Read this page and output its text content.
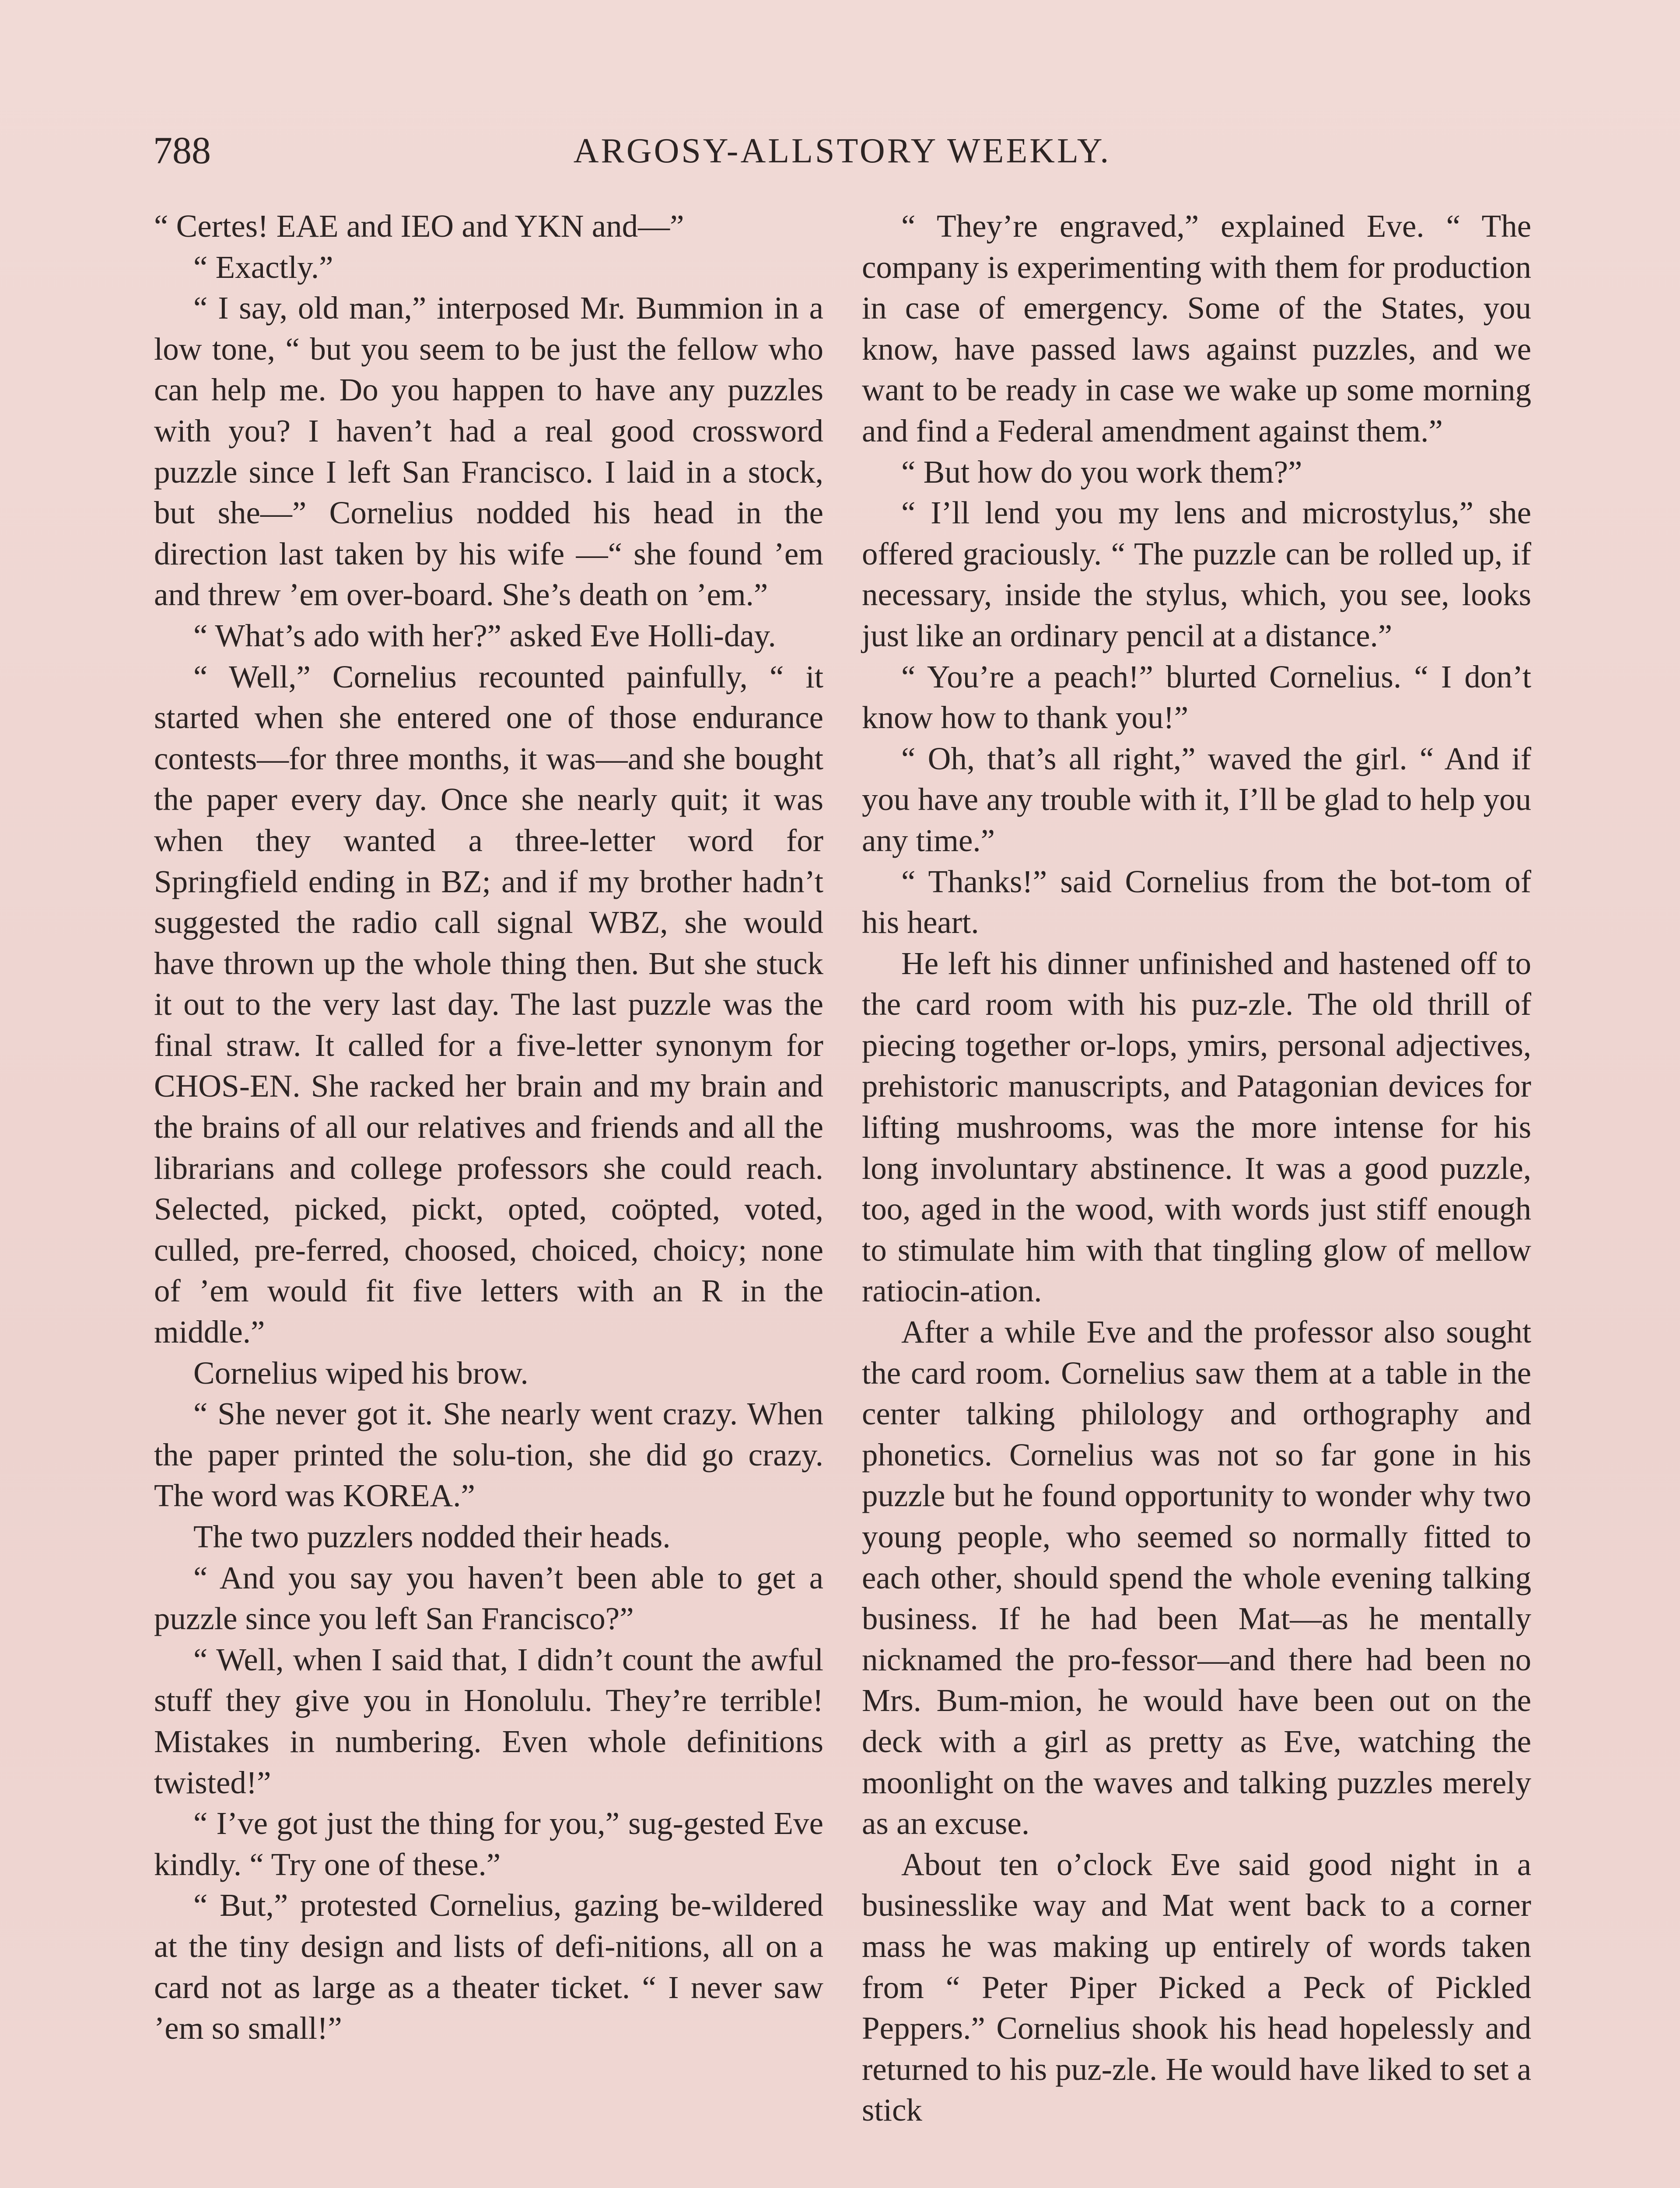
788	ARGOSY-ALLSTORY WEEKLY.

“ Certes! EAE and IEO and YKN and—”

“ Exactly.”

“ I say, old man,” interposed Mr. Bummion in a low tone, “ but you seem to be just the fellow who can help me. Do you happen to have any puzzles with you? I haven’t had a real good crossword puzzle since I left San Francisco. I laid in a stock, but she—” Cornelius nodded his head in the direction last taken by his wife —“ she found ’em and threw ’em over-board. She’s death on ’em.”

“ What’s ado with her?” asked Eve Holli-day.

“ Well,” Cornelius recounted painfully, “ it started when she entered one of those endurance contests—for three months, it was—and she bought the paper every day. Once she nearly quit; it was when they wanted a three-letter word for Springfield ending in BZ; and if my brother hadn’t suggested the radio call signal WBZ, she would have thrown up the whole thing then. But she stuck it out to the very last day. The last puzzle was the final straw. It called for a five-letter synonym for CHOS-EN. She racked her brain and my brain and the brains of all our relatives and friends and all the librarians and college professors she could reach. Selected, picked, pickt, opted, coöpted, voted, culled, pre-ferred, choosed, choiced, choicy; none of ’em would fit five letters with an R in the middle.”

Cornelius wiped his brow.

“ She never got it. She nearly went crazy. When the paper printed the solu-tion, she did go crazy. The word was KOREA.”

The two puzzlers nodded their heads.

“ And you say you haven’t been able to get a puzzle since you left San Francisco?”

“ Well, when I said that, I didn’t count the awful stuff they give you in Honolulu. They’re terrible! Mistakes in numbering. Even whole definitions twisted!”

“ I’ve got just the thing for you,” sug-gested Eve kindly. “ Try one of these.”

“ But,” protested Cornelius, gazing be-wildered at the tiny design and lists of defi-nitions, all on a card not as large as a theater ticket. “ I never saw ’em so small!”

“ They’re engraved,” explained Eve. “ The company is experimenting with them for production in case of emergency. Some of the States, you know, have passed laws against puzzles, and we want to be ready in case we wake up some morning and find a Federal amendment against them.”

“ But how do you work them?”

“ I’ll lend you my lens and microstylus,” she offered graciously. “ The puzzle can be rolled up, if necessary, inside the stylus, which, you see, looks just like an ordinary pencil at a distance.”

“ You’re a peach!” blurted Cornelius. “ I don’t know how to thank you!”

“ Oh, that’s all right,” waved the girl. “ And if you have any trouble with it, I’ll be glad to help you any time.”

“ Thanks!” said Cornelius from the bot-tom of his heart.

He left his dinner unfinished and hastened off to the card room with his puz-zle. The old thrill of piecing together or-lops, ymirs, personal adjectives, prehistoric manuscripts, and Patagonian devices for lifting mushrooms, was the more intense for his long involuntary abstinence. It was a good puzzle, too, aged in the wood, with words just stiff enough to stimulate him with that tingling glow of mellow ratiocin-ation.

After a while Eve and the professor also sought the card room. Cornelius saw them at a table in the center talking philology and orthography and phonetics. Cornelius was not so far gone in his puzzle but he found opportunity to wonder why two young people, who seemed so normally fitted to each other, should spend the whole evening talking business. If he had been Mat—as he mentally nicknamed the pro-fessor—and there had been no Mrs. Bum-mion, he would have been out on the deck with a girl as pretty as Eve, watching the moonlight on the waves and talking puzzles merely as an excuse.

About ten o’clock Eve said good night in a businesslike way and Mat went back to a corner mass he was making up entirely of words taken from “ Peter Piper Picked a Peck of Pickled Peppers.” Cornelius shook his head hopelessly and returned to his puz-zle. He would have liked to set a stick
